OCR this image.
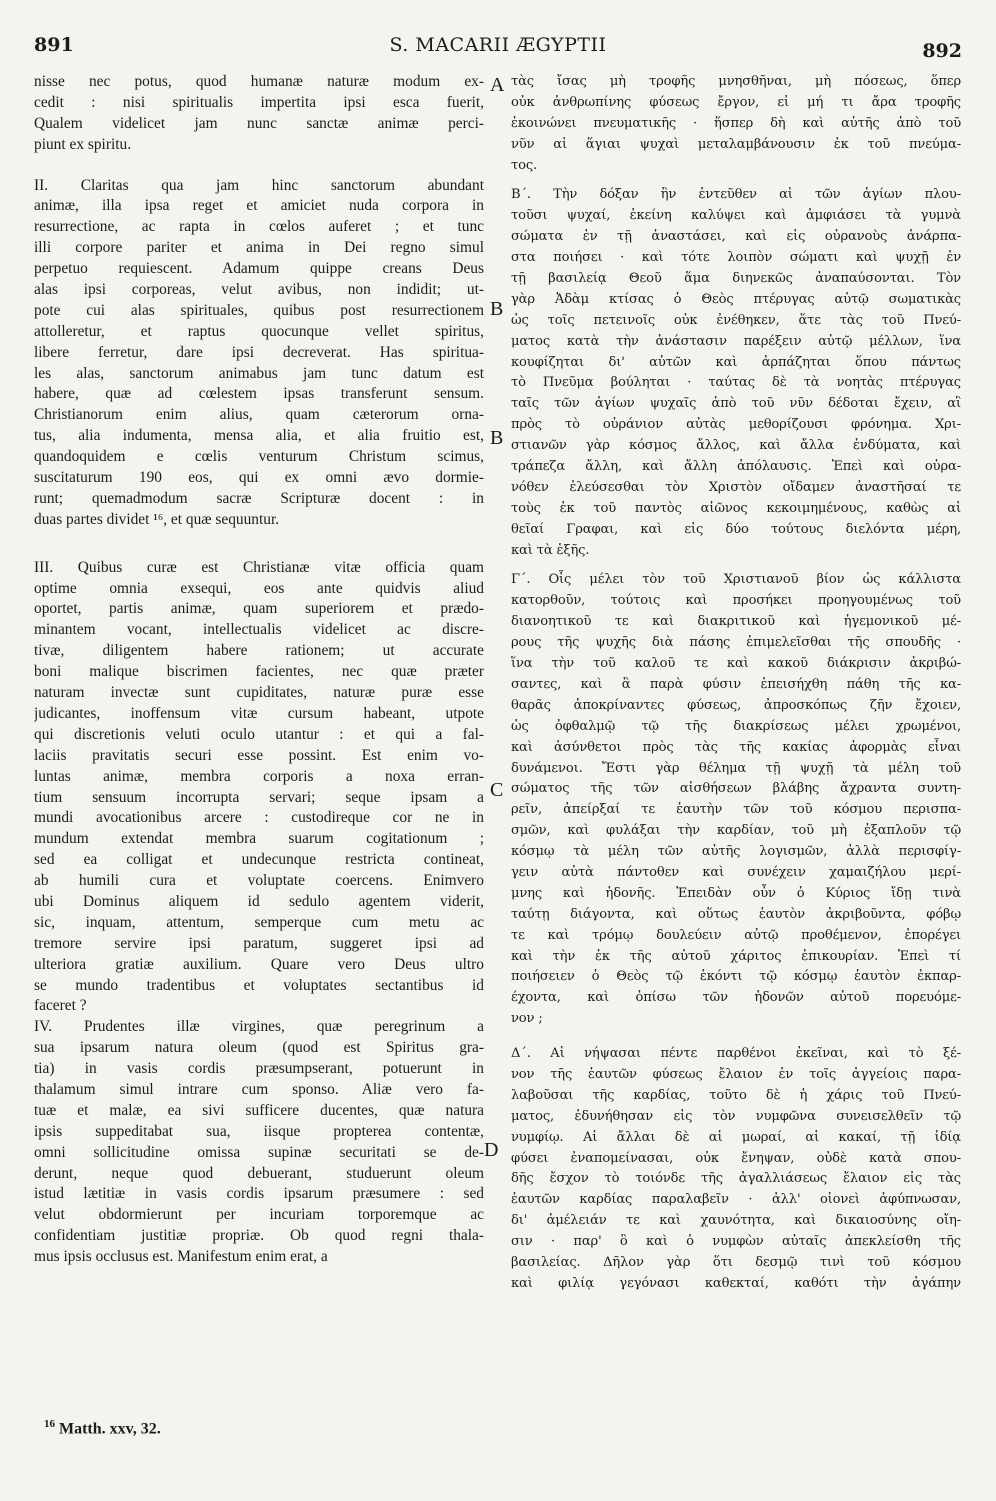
891	S. MACARII ÆGYPTII	892
nisse nec potus, quod humanæ naturæ modum ex-
cedit : nisi spiritualis impertita ipsi esca fuerit,
Qualem videlicet jam nunc sanctæ animæ perci-
piunt ex spiritu.
II. Claritas qua jam hinc sanctorum abundant
animæ, illa ipsa reget et amiciet nuda corpora in
resurrectione, ac rapta in cœlos auferet ; et tunc
illi corpore pariter et anima in Dei regno simul
perpetuo requiescent. Adamum quippe creans Deus
alas ipsi corporeas, velut avibus, non indidit; ut-
pote cui alas spirituales, quibus post resurrectionem
attolleretur, et raptus quocunque vellet spiritus,
libere ferretur, dare ipsi decreverat. Has spiritua-
les alas, sanctorum animabus jam tunc datum est
habere, quæ ad cœlestem ipsas transferunt sensum.
Christianorum enim alius, quam cæterorum orna-
tus, alia indumenta, mensa alia, et alia fruitio est,
quandoquidem e cœlis venturum Christum scimus,
suscitaturum 190 eos, qui ex omni ævo dormie-
runt; quemadmodum sacræ Scripturæ docent : in
duas partes dividet ¹⁶, et quæ sequuntur.
III. Quibus curæ est Christianæ vitæ officia quam
optime omnia exsequi, eos ante quidvis aliud
oportet, partis animæ, quam superiorem et prædo-
minantem vocant, intellectualis videlicet ac discre-
tivæ, diligentem habere rationem; ut accurate
boni malique biscrimen facientes, nec quæ præter
naturam invectæ sunt cupiditates, naturæ puræ esse
judicantes, inoffensum vitæ cursum habeant, utpote
qui discretionis veluti oculo utantur : et qui a fal-
laciis pravitatis securi esse possint. Est enim vo-
luntas animæ, membra corporis a noxa erran-
tium sensuum incorrupta servari; seque ipsam a
mundi avocationibus arcere : custodireque cor ne in
mundum extendat membra suarum cogitationum ;
sed ea colligat et undecunque restricta contineat,
ab humili cura et voluptate coercens. Enimvero
ubi Dominus aliquem id sedulo agentem viderit,
sic, inquam, attentum, semperque cum metu ac
tremore servire ipsi paratum, suggeret ipsi ad
ulteriora gratiæ auxilium. Quare vero Deus ultro
se mundo tradentibus et voluptates sectantibus id
faceret ?
IV. Prudentes illæ virgines, quæ peregrinum a
sua ipsarum natura oleum (quod est Spiritus gra-
tia) in vasis cordis præsumpserant, potuerunt in
thalamum simul intrare cum sponso. Aliæ vero fa-
tuæ et malæ, ea sivi sufficere ducentes, quæ natura
ipsis suppeditabat sua, iisque propterea contentæ,
omni sollicitudine omissa supinæ securitati se de-
derunt, neque quod debuerant, studuerunt oleum
istud lætitiæ in vasis cordis ipsarum præsumere : sed
velut obdormierunt per incuriam torporemque ac
confidentiam justitiæ propriæ. Ob quod regni thala-
mus ipsis occlusus est. Manifestum enim erat, a
τὰς ἴσας μὴ τροφῆς μνησθῆναι, μὴ πόσεως, ὅπερ
οὐκ ἀνθρωπίνης φύσεως ἔργον, εἰ μή τι ἄρα τροφῆς
ἐκοινώνει πνευματικῆς · ἥσπερ δὴ καὶ αὐτῆς ἀπὸ τοῦ
νῦν αἱ ἅγιαι ψυχαὶ μεταλαμβάνουσιν ἐκ τοῦ πνεύμα-
τος.
Β΄. Τὴν δόξαν ἣν ἐντεῦθεν αἱ τῶν ἁγίων πλου-
τοῦσι ψυχαί, ἐκείνη καλύψει καὶ ἀμφιάσει τὰ γυμνὰ
σώματα ἐν τῇ ἀναστάσει, καὶ εἰς οὐρανοὺς ἀνάρπα-
στα ποιήσει · καὶ τότε λοιπὸν σώματι καὶ ψυχῇ ἐν
τῇ βασιλείᾳ Θεοῦ ἅμα διηνεκῶς ἀναπαύσονται. Τὸν
γὰρ Ἀδὰμ κτίσας ὁ Θεὸς πτέρυγας αὐτῷ σωματικὰς
ὡς τοῖς πετεινοῖς οὐκ ἐνέθηκεν, ἅτε τὰς τοῦ Πνεύ-
ματος κατὰ τὴν ἀνάστασιν παρέξειν αὐτῷ μέλλων, ἵνα
κουφίζηται δι' αὐτῶν καὶ ἁρπάζηται ὅπου πάντως
τὸ Πνεῦμα βούληται · ταύτας δὲ τὰ νοητὰς πτέρυγας
ταῖς τῶν ἁγίων ψυχαῖς ἀπὸ τοῦ νῦν δέδοται ἔχειν, αἳ
πρὸς τὸ οὐράνιον αὐτὰς μεθορίζουσι φρόνημα. Χρι-
στιανῶν γὰρ κόσμος ἄλλος, καὶ ἄλλα ἐνδύματα, καὶ
τράπεζα ἄλλη, καὶ ἄλλη ἀπόλαυσις. Ἐπεὶ καὶ οὐρα-
νόθεν ἐλεύσεσθαι τὸν Χριστὸν οἴδαμεν ἀναστῆσαί τε
τοὺς ἐκ τοῦ παντὸς αἰῶνος κεκοιμημένους, καθὼς αἱ
θεῖαί Γραφαι, καὶ εἰς δύο τούτους διελόντα μέρη,
καὶ τὰ ἑξῆς.
Γ΄. Οἷς μέλει τὸν τοῦ Χριστιανοῦ βίον ὡς κάλλιστα
κατορθοῦν, τούτοις καὶ προσήκει προηγουμένως τοῦ
διανοητικοῦ τε καὶ διακριτικοῦ καὶ ἡγεμονικοῦ μέ-
ρους τῆς ψυχῆς διὰ πάσης ἐπιμελεῖσθαι τῆς σπουδῆς ·
ἵνα τὴν τοῦ καλοῦ τε καὶ κακοῦ διάκρισιν ἀκριβώ-
σαντες, καὶ ἃ παρὰ φύσιν ἐπεισήχθη πάθη τῆς κα-
θαρᾶς ἀποκρίναντες φύσεως, ἀπροσκόπως ζῆν ἔχοιεν,
ὡς ὀφθαλμῷ τῷ τῆς διακρίσεως μέλει χρωμένοι,
καὶ ἀσύνθετοι πρὸς τὰς τῆς κακίας ἀφορμὰς εἶναι
δυνάμενοι. Ἔστι γὰρ θέλημα τῇ ψυχῇ τὰ μέλη τοῦ
σώματος τῆς τῶν αἰσθήσεων βλάβης ἄχραντα συντη-
ρεῖν, ἀπείρξαί τε ἑαυτὴν τῶν τοῦ κόσμου περισπα-
σμῶν, καὶ φυλάξαι τὴν καρδίαν, τοῦ μὴ ἐξαπλοῦν τῷ
κόσμῳ τὰ μέλη τῶν αὐτῆς λογισμῶν, ἀλλὰ περισφίγ-
γειν αὐτὰ πάντοθεν καὶ συνέχειν χαμαιζήλου μερί-
μνης καὶ ἡδονῆς. Ἐπειδὰν οὖν ὁ Κύριος ἴδῃ τινὰ
ταύτῃ διάγοντα, καὶ οὕτως ἑαυτὸν ἀκριβοῦντα, φόβῳ
τε καὶ τρόμῳ δουλεύειν αὐτῷ προθέμενον, ἐπορέγει
καὶ τὴν ἐκ τῆς αὐτοῦ χάριτος ἐπικουρίαν. Ἐπεὶ τί
ποιήσειεν ὁ Θεὸς τῷ ἑκόντι τῷ κόσμῳ ἑαυτὸν ἐκπαρ-
έχοντα, καὶ ὀπίσω τῶν ἡδονῶν αὐτοῦ πορευόμε-
νον ;
Δ΄. Αἱ νήψασαι πέντε παρθένοι ἐκεῖναι, καὶ τὸ ξέ-
νον τῆς ἑαυτῶν φύσεως ἔλαιον ἐν τοῖς ἀγγείοις παρα-
λαβοῦσαι τῆς καρδίας, τοῦτο δὲ ἡ χάρις τοῦ Πνεύ-
ματος, ἐδυνήθησαν εἰς τὸν νυμφῶνα συνεισελθεῖν τῷ
νυμφίῳ. Αἱ ἄλλαι δὲ αἱ μωραί, αἱ κακαί, τῇ ἰδίᾳ
φύσει ἐναπομείνασαι, οὐκ ἔνηψαν, οὐδὲ κατὰ σπου-
δῆς ἔσχον τὸ τοιόνδε τῆς ἀγαλλιάσεως ἔλαιον εἰς τὰς
ἑαυτῶν καρδίας παραλαβεῖν · ἀλλ' οἱονεὶ ἀφύπνωσαν,
δι' ἀμέλειάν τε καὶ χαυνότητα, καὶ δικαιοσύνης οἴη-
σιν · παρ' ὃ καὶ ὁ νυμφὼν αὐταῖς ἀπεκλείσθη τῆς
βασιλείας. Δῆλον γὰρ ὅτι δεσμῷ τινὶ τοῦ κόσμου
καὶ φιλίᾳ γεγόνασι καθεκταί, καθότι τὴν ἀγάπην
A
B
B
C
D
$^{16}$ Matth. xxv, 32.
